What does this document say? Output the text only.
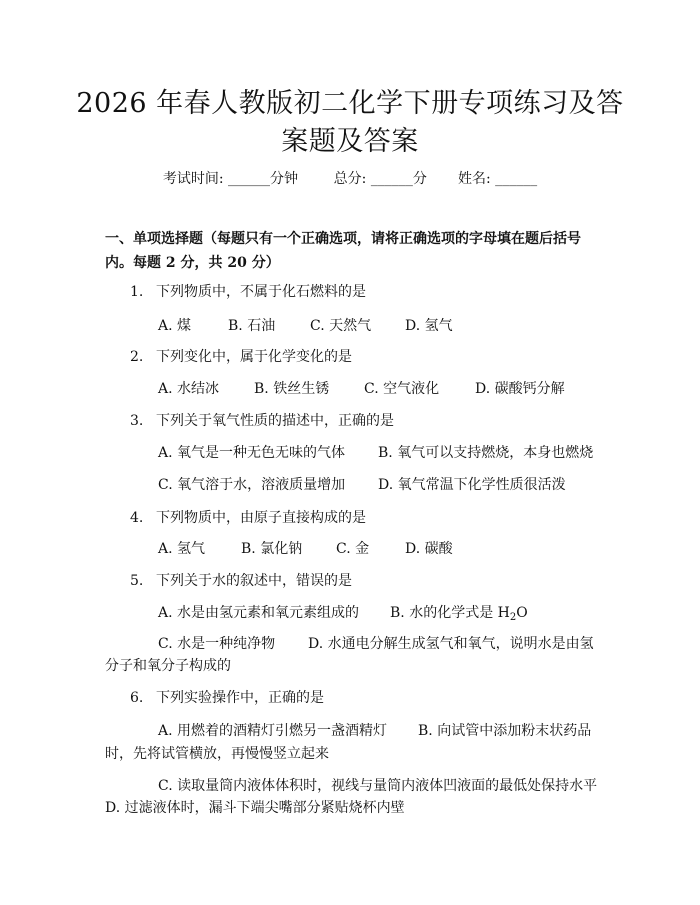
2026 年春人教版初二化学下册专项练习及答
案题及答案
考试时间: ______分钟	总分: ______分 姓名: ______
一、单项选择题（每题只有一个正确选项，请将正确选项的字母填在题后括号
内。每题 2 分，共 20 分）
1. 下列物质中，不属于化石燃料的是
A. 煤	B. 石油 C. 天然气 D. 氢气
2. 下列变化中，属于化学变化的是
A. 水结冰 B. 铁丝生锈 C. 空气液化	D. 碳酸钙分解
3. 下列关于氧气性质的描述中，正确的是
A. 氧气是一种无色无味的气体 B. 氧气可以支持燃烧，本身也燃烧
C. 氧气溶于水，溶液质量增加 D. 氧气常温下化学性质很活泼
4. 下列物质中，由原子直接构成的是
A. 氢气	B. 氯化钠 C. 金	D. 碳酸
5. 下列关于水的叙述中，错误的是
A. 水是由氢元素和氧元素组成的 B. 水的化学式是 $H_2O$
C. 水是一种纯净物 D. 水通电分解生成氢气和氧气，说明水是由氢
分子和氧分子构成的
6. 下列实验操作中，正确的是
A. 用燃着的酒精灯引燃另一盏酒精灯 B. 向试管中添加粉末状药品
时，先将试管横放，再慢慢竖立起来
C. 读取量筒内液体体积时，视线与量筒内液体凹液面的最低处保持水平
D. 过滤液体时，漏斗下端尖嘴部分紧贴烧杯内壁
